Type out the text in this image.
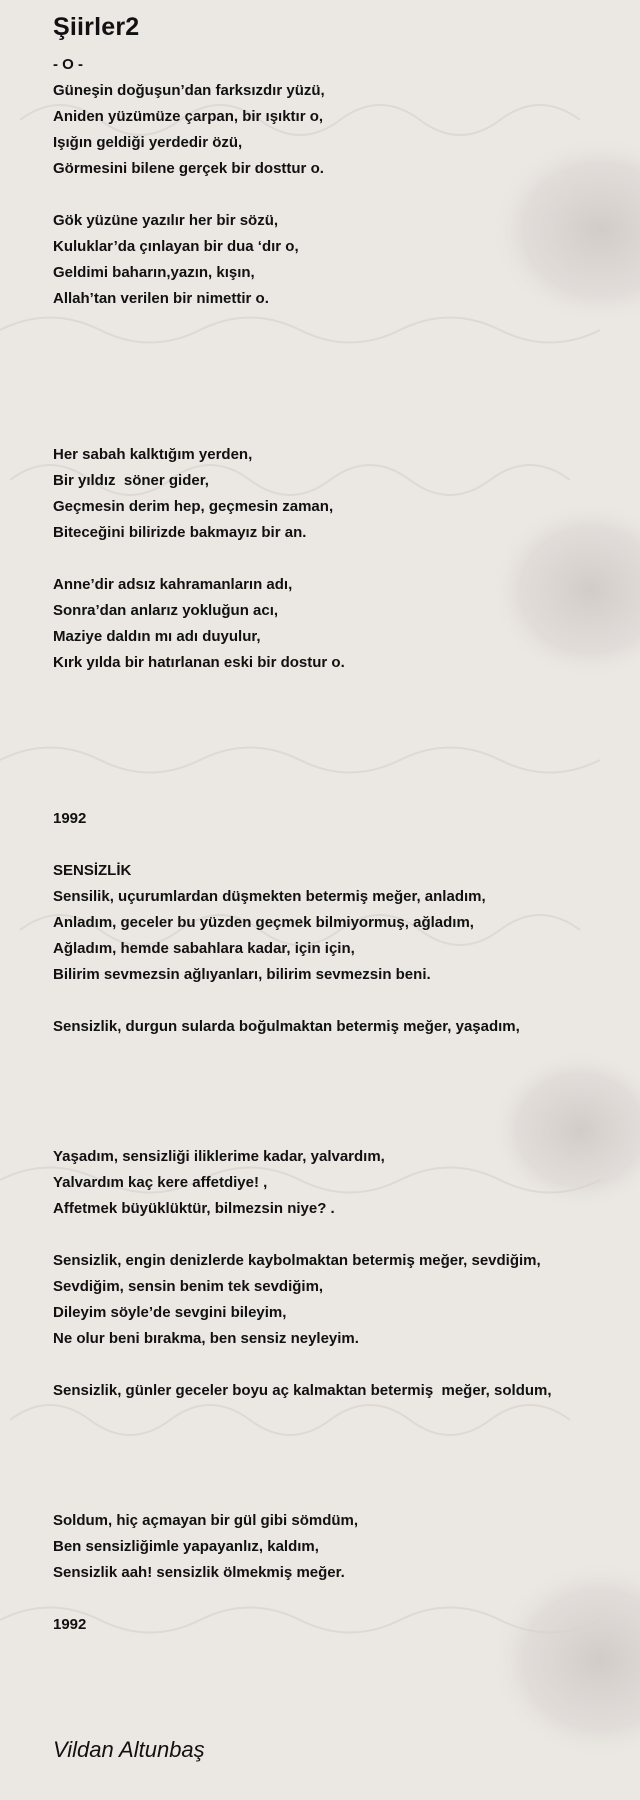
Şiirler2
- O -
Güneşin doğuşun’dan farksızdır yüzü,
Aniden yüzümüze çarpan, bir ışıktır o,
Işığın geldiği yerdedir özü,
Görmesini bilene gerçek bir dosttur o.
Gök yüzüne yazılır her bir sözü,
Kuluklar’da çınlayan bir dua ‘dır o,
Geldimi baharın,yazın, kışın,
Allah’tan verilen bir nimettir o.
Her sabah kalktığım yerden,
Bir yıldız  söner gider,
Geçmesin derim hep, geçmesin zaman,
Biteceğini bilirizde bakmayız bir an.
Anne’dir adsız kahramanların adı,
Sonra’dan anlarız yokluğun acı,
Maziye daldın mı adı duyulur,
Kırk yılda bir hatırlanan eski bir dostur o.
1992
SENSİZLİK
Sensilik, uçurumlardan düşmekten betermiş meğer, anladım,
Anladım, geceler bu yüzden geçmek bilmiyormuş, ağladım,
Ağladım, hemde sabahlara kadar, için için,
Bilirim sevmezsin ağlıyanları, bilirim sevmezsin beni.
Sensizlik, durgun sularda boğulmaktan betermiş meğer, yaşadım,
Yaşadım, sensizliği iliklerime kadar, yalvardım,
Yalvardım kaç kere affetdiye! ,
Affetmek büyüklüktür, bilmezsin niye? .
Sensizlik, engin denizlerde kaybolmaktan betermiş meğer, sevdiğim,
Sevdiğim, sensin benim tek sevdiğim,
Dileyim söyle’de sevgini bileyim,
Ne olur beni bırakma, ben sensiz neyleyim.
Sensizlik, günler geceler boyu aç kalmaktan betermiş  meğer, soldum,
Soldum, hiç açmayan bir gül gibi sömdüm,
Ben sensizliğimle yapayanlız, kaldım,
Sensizlik aah! sensizlik ölmekmiş meğer.
1992
Vildan Altunbaş
